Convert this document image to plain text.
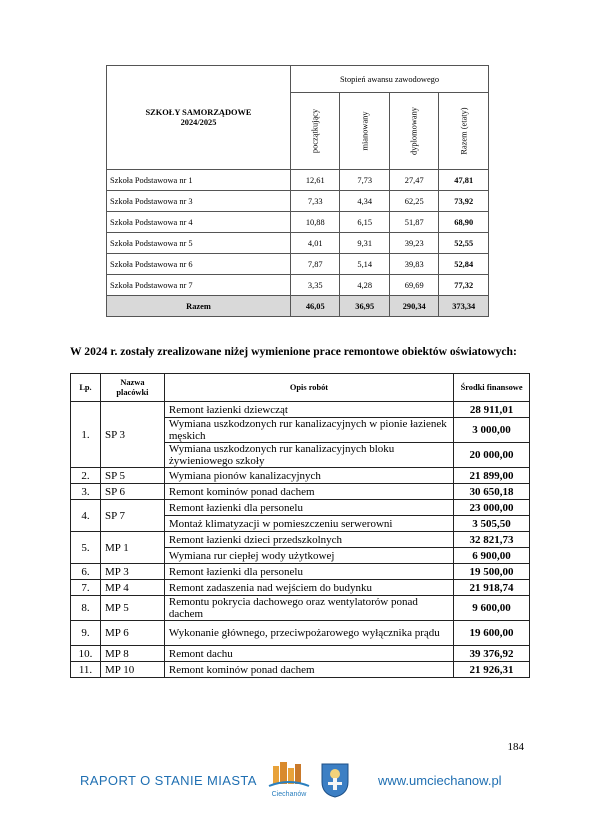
SZKOŁY SAMORZĄDOWE
2024/2025	Stopień awansu zawodowego			

	początkujący	mianowany	dyplomowany	Razem (etaty)

Szkoła Podstawowa nr 1	12,61	7,73	27,47	47,81
Szkoła Podstawowa nr 3	7,33	4,34	62,25	73,92
Szkoła Podstawowa nr 4	10,88	6,15	51,87	68,90
Szkoła Podstawowa nr 5	4,01	9,31	39,23	52,55
Szkoła Podstawowa nr 6	7,87	5,14	39,83	52,84
Szkoła Podstawowa nr 7	3,35	4,28	69,69	77,32
Razem	46,05	36,95	290,34	373,34
W 2024 r. zostały zrealizowane niżej wymienione prace remontowe obiektów oświatowych:
Lp.	Nazwa placówki	Opis robót	Środki finansowe
1.	SP 3	Remont łazienki dziewcząt	28 911,01
		Wymiana uszkodzonych rur kanalizacyjnych w pionie łazienek męskich	3 000,00
		Wymiana uszkodzonych rur kanalizacyjnych bloku żywieniowego szkoły	20 000,00
2.	SP 5	Wymiana pionów kanalizacyjnych	21 899,00
3.	SP 6	Remont kominów ponad dachem	30 650,18
4.	SP 7	Remont łazienki dla personelu	23 000,00
		Montaż klimatyzacji w pomieszczeniu serwerowni	3 505,50
5.	MP 1	Remont łazienki dzieci przedszkolnych	32 821,73
		Wymiana rur ciepłej wody użytkowej	6 900,00
6.	MP 3	Remont łazienki dla personelu	19 500,00
7.	MP 4	Remont zadaszenia nad wejściem do budynku	21 918,74
8.	MP 5	Remontu pokrycia dachowego oraz wentylatorów ponad dachem	9 600,00
9.	MP 6	Wykonanie głównego, przeciwpożarowego wyłącznika prądu	19 600,00
10.	MP 8	Remont dachu	39 376,92
11.	MP 10	Remont kominów ponad dachem	21 926,31
184
RAPORT O STANIE MIASTA
Ciechanów
www.umciechanow.pl
